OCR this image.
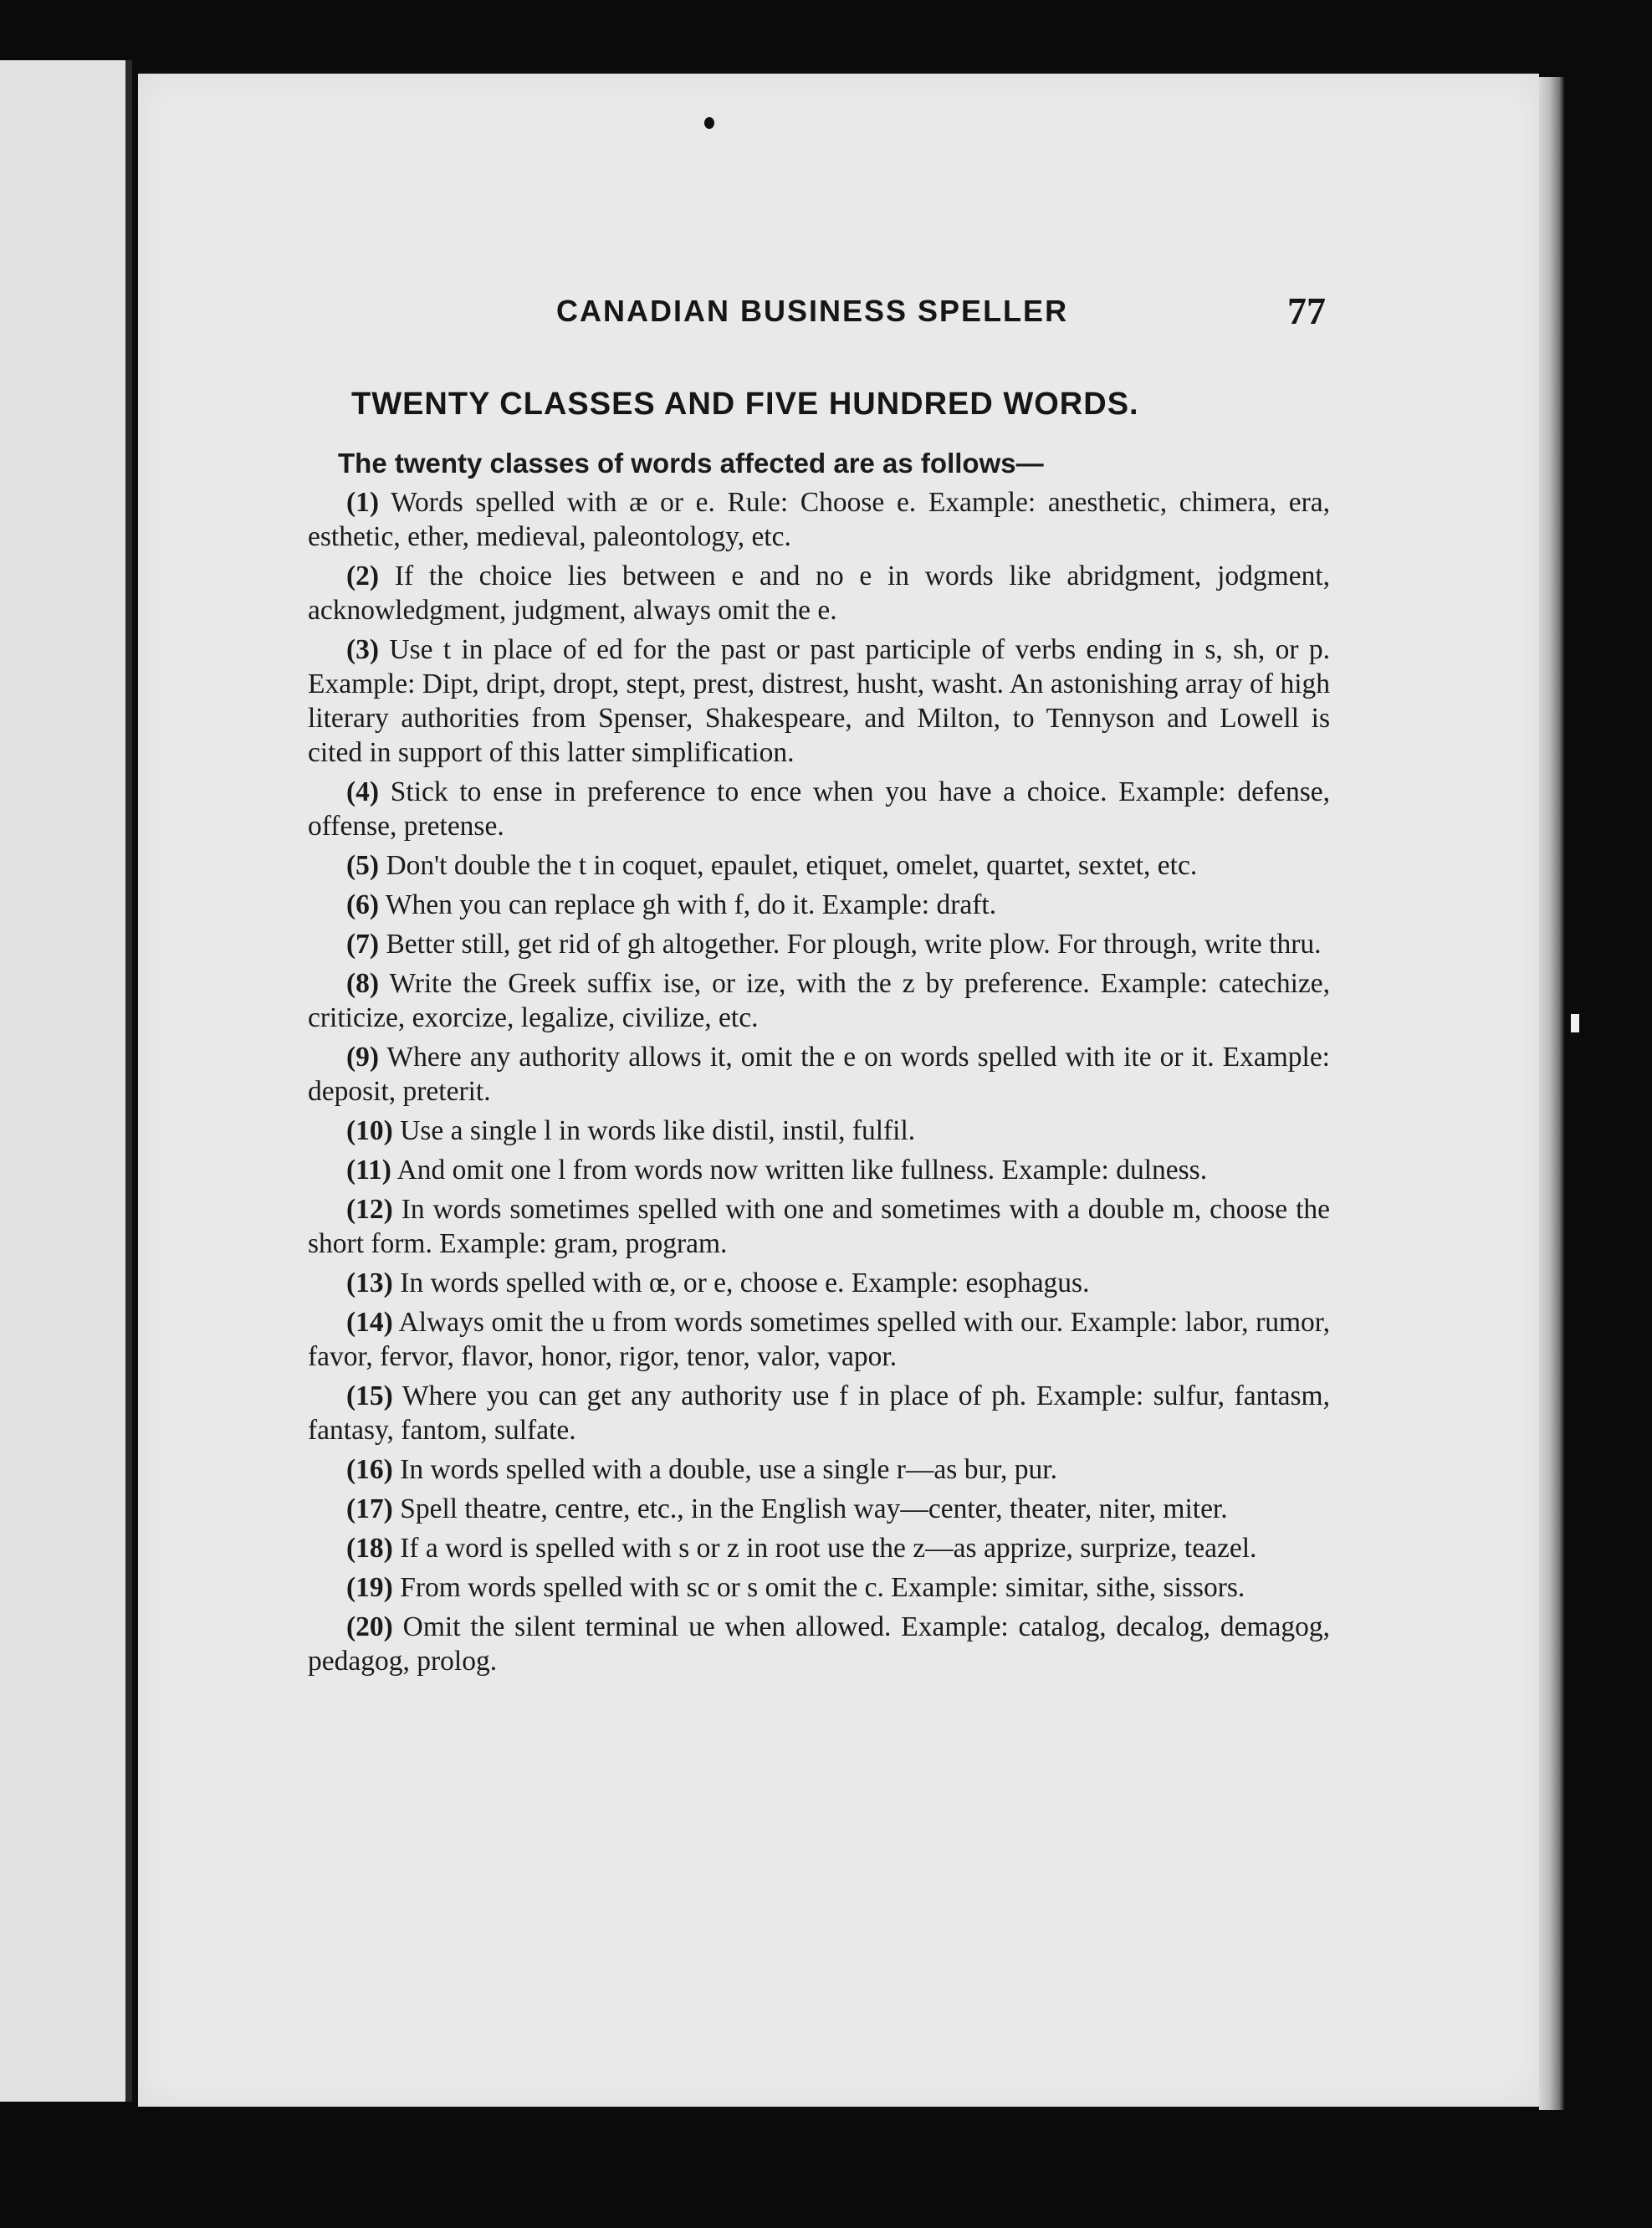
CANADIAN BUSINESS SPELLER	77
TWENTY CLASSES AND FIVE HUNDRED WORDS.

The twenty classes of words affected are as follows—

(1) Words spelled with æ or e. Rule: Choose e. Example: anesthetic, chimera, era, esthetic, ether, medieval, paleontology, etc.

(2) If the choice lies between e and no e in words like abridgment, jodgment, acknowledgment, judgment, always omit the e.

(3) Use t in place of ed for the past or past participle of verbs ending in s, sh, or p. Example: Dipt, dript, dropt, stept, prest, distrest, husht, washt. An astonishing array of high literary authorities from Spenser, Shakespeare, and Milton, to Tennyson and Lowell is cited in support of this latter simplification.

(4) Stick to ense in preference to ence when you have a choice. Example: defense, offense, pretense.

(5) Don't double the t in coquet, epaulet, etiquet, omelet, quartet, sextet, etc.

(6) When you can replace gh with f, do it. Example: draft.

(7) Better still, get rid of gh altogether. For plough, write plow. For through, write thru.

(8) Write the Greek suffix ise, or ize, with the z by preference. Example: catechize, criticize, exorcize, legalize, civilize, etc.

(9) Where any authority allows it, omit the e on words spelled with ite or it. Example: deposit, preterit.

(10) Use a single l in words like distil, instil, fulfil.

(11) And omit one l from words now written like fullness. Example: dulness.

(12) In words sometimes spelled with one and sometimes with a double m, choose the short form. Example: gram, program.

(13) In words spelled with œ, or e, choose e. Example: esophagus.

(14) Always omit the u from words sometimes spelled with our. Example: labor, rumor, favor, fervor, flavor, honor, rigor, tenor, valor, vapor.

(15) Where you can get any authority use f in place of ph. Example: sulfur, fantasm, fantasy, fantom, sulfate.

(16) In words spelled with a double, use a single r—as bur, pur.

(17) Spell theatre, centre, etc., in the English way—center, theater, niter, miter.

(18) If a word is spelled with s or z in root use the z—as apprize, surprize, teazel.

(19) From words spelled with sc or s omit the c. Example: simitar, sithe, sissors.

(20) Omit the silent terminal ue when allowed. Example: catalog, decalog, demagog, pedagog, prolog.
